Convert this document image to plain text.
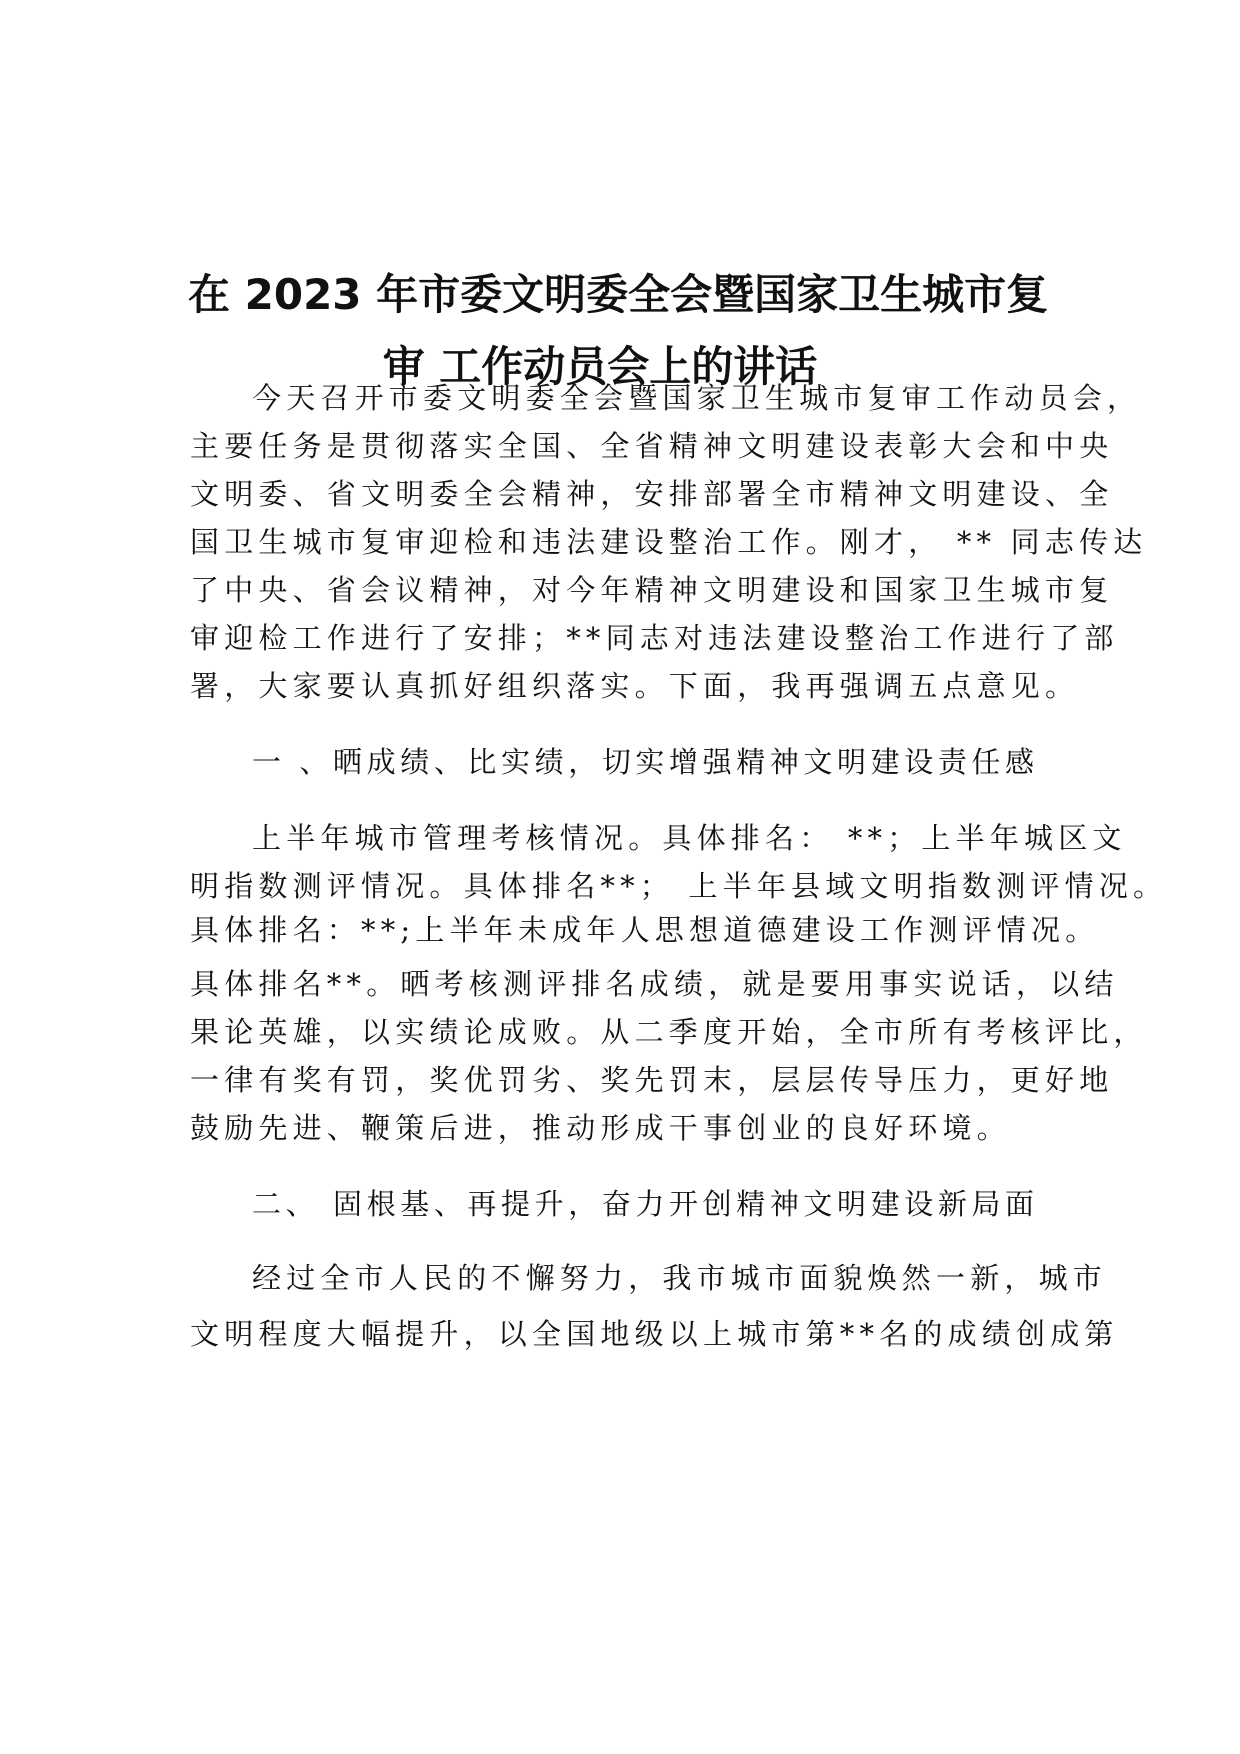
在 2023 年市委文明委全会暨国家卫生城市复
审 工作动员会上的讲话
今天召开市委文明委全会暨国家卫生城市复审工作动员会，
主要任务是贯彻落实全国、全省精神文明建设表彰大会和中央
文明委、省文明委全会精神，安排部署全市精神文明建设、全
国卫生城市复审迎检和违法建设整治工作。刚才， ** 同志传达
了中央、省会议精神，对今年精神文明建设和国家卫生城市复
审迎检工作进行了安排；**同志对违法建设整治工作进行了部
署，大家要认真抓好组织落实。下面，我再强调五点意见。
一 、晒成绩、比实绩，切实增强精神文明建设责任感
上半年城市管理考核情况。具体排名： **；上半年城区文
明指数测评情况。具体排名**； 上半年县域文明指数测评情况。
具体排名：**;上半年未成年人思想道德建设工作测评情况。
具体排名**。晒考核测评排名成绩，就是要用事实说话，以结
果论英雄，以实绩论成败。从二季度开始，全市所有考核评比，
一律有奖有罚，奖优罚劣、奖先罚末，层层传导压力，更好地
鼓励先进、鞭策后进，推动形成干事创业的良好环境。
二、 固根基、再提升，奋力开创精神文明建设新局面
经过全市人民的不懈努力，我市城市面貌焕然一新，城市
文明程度大幅提升，以全国地级以上城市第**名的成绩创成第
